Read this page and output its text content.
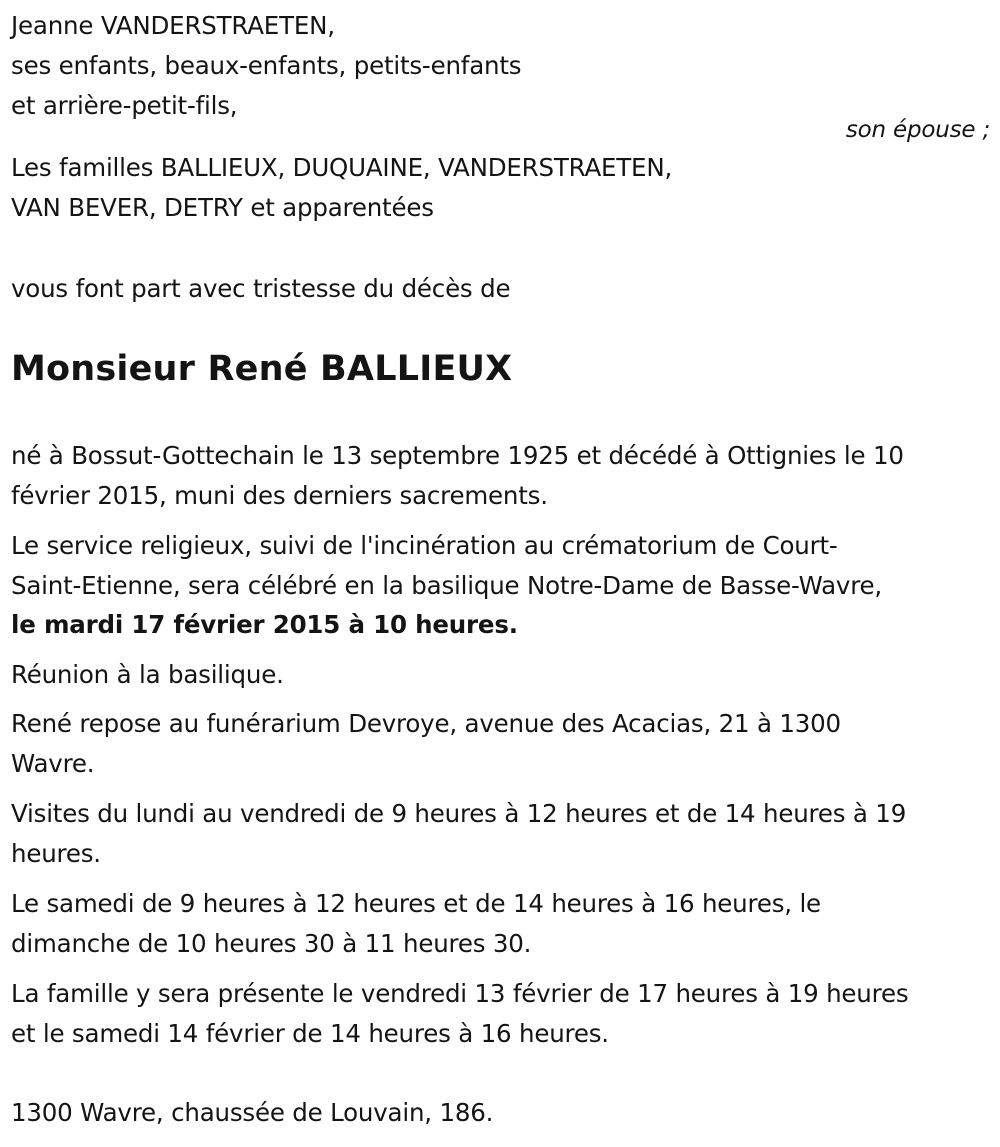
Jeanne VANDERSTRAETEN,
ses enfants, beaux-enfants, petits-enfants
et arrière-petit-fils,
son épouse ;
Les familles BALLIEUX, DUQUAINE, VANDERSTRAETEN,
VAN BEVER, DETRY et apparentées
vous font part avec tristesse du décès de
Monsieur René BALLIEUX
né à Bossut-Gottechain le 13 septembre 1925 et décédé à Ottignies le 10
février 2015, muni des derniers sacrements.
Le service religieux, suivi de l'incinération au crématorium de Court-
Saint-Etienne, sera célébré en la basilique Notre-Dame de Basse-Wavre,
le mardi 17 février 2015 à 10 heures.
Réunion à la basilique.
René repose au funérarium Devroye, avenue des Acacias, 21 à 1300
Wavre.
Visites du lundi au vendredi de 9 heures à 12 heures et de 14 heures à 19
heures.
Le samedi de 9 heures à 12 heures et de 14 heures à 16 heures, le
dimanche de 10 heures 30 à 11 heures 30.
La famille y sera présente le vendredi 13 février de 17 heures à 19 heures
et le samedi 14 février de 14 heures à 16 heures.
1300 Wavre, chaussée de Louvain, 186.
